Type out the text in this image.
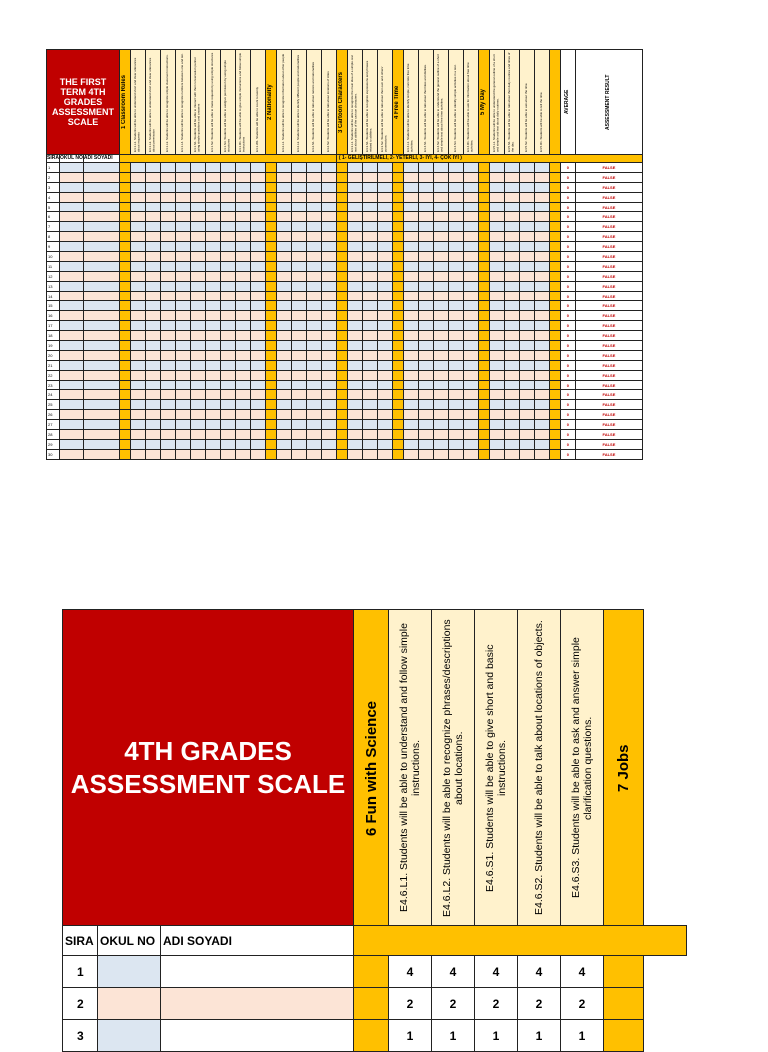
THE FIRST TERM 4TH GRADES ASSESSMENT SCALE			1 Classroom Rules	E4.1.L1. Students will be able to understand short and clear utterances about requests	E4.1.L2. Students will be able to understand short and clear utterances about permission	E4.1.L3. Students will be able to recognize simple classroom instructions.	E4.1.L4. Students will be able to recognize numbers between one and ten.	E4.1.S1. Students will be able to interact with their conversation partner using simple questions and answers	E4.1.S2. Students will be able to make requests by using simple structures	E4.1.S3. Students will be able to ask/give permission by using simple structures	E4.1.R1. Students will be able to give simple instructions and follow simple instructions	E4.1.W1. Students will be able to count to twenty	2 Nationality	E4.2.L1. Students will be able to recognize information about other people	E4.2.L2. Students will be able to identify different people and nationalities	E4.2.S1. Students will be able to talk about nations and nationalities	E4.2.S2. Students will be able to talk about locations of cities	3 Cartoon Characters	E4.3.L1. Students will be able to recognize the main idea of a simple oral text about abilities of the cartoon characters.	E4.3.S1. Students will be able to recognize expressions and phrases related to abilities.	E4.3.S2. Students will be able to talk about their own and others' possessions.	4 Free Time	E4.4.L1. Students will be able to identify simple, concrete free time activities.	E4.4.S1. Students will be able to talk about their likes and dislikes.	E4.4.S2. Students will be able to understand the general outline of a short and simple text about free time activities.	E4.4.S3. Students will be able to identify simple activities in a text.	E4.4.R1. Students will be able to ask for information about free time activities.	5 My Day	E4.5.L1. Students will be able to understand the general outline of a short and simple oral text about daily routines.	E4.5.S1. Students will be able to talk about their daily routines and times of the day.	E4.5.S2. Students will be able to ask about the time.	E4.5.R1. Students will be able to tell the time.		AVERAGE	ASSESSMENT RESULT

SIRA	OKUL NO	ADI SOYADI																( 1- GELİŞTİRİLMELİ, 2- YETERLİ, 3- İYİ, 4- ÇOK İYİ )																	
1																																		0	FALSE
2																																		0	FALSE
3																																		0	FALSE
4																																		0	FALSE
5																																		0	FALSE
6																																		0	FALSE
7																																		0	FALSE
8																																		0	FALSE
9																																		0	FALSE
10																																		0	FALSE
11																																		0	FALSE
12																																		0	FALSE
13																																		0	FALSE
14																																		0	FALSE
15																																		0	FALSE
16																																		0	FALSE
17																																		0	FALSE
18																																		0	FALSE
19																																		0	FALSE
20																																		0	FALSE
21																																		0	FALSE
22																																		0	FALSE
23																																		0	FALSE
24																																		0	FALSE
25																																		0	FALSE
26																																		0	FALSE
27																																		0	FALSE
28																																		0	FALSE
29																																		0	FALSE
30																																		0	FALSE
4TH GRADES ASSESSMENT SCALE			6 Fun with Science	E4.6.L1. Students will be able to understand and follow simple instructions.	E4.6.L2. Students will be able to recognize phrases/descriptions about locations.	E4.6.S1. Students will be able to give short and basic instructions.	E4.6.S2. Students will be able to talk about locations of objects.	E4.6.S3. Students will be able to ask and answer simple clarification questions.	7 Jobs	

SIRA	OKUL NO	ADI SOYADI								
1				4	4	4	4	4		
2				2	2	2	2	2		
3				1	1	1	1	1		
